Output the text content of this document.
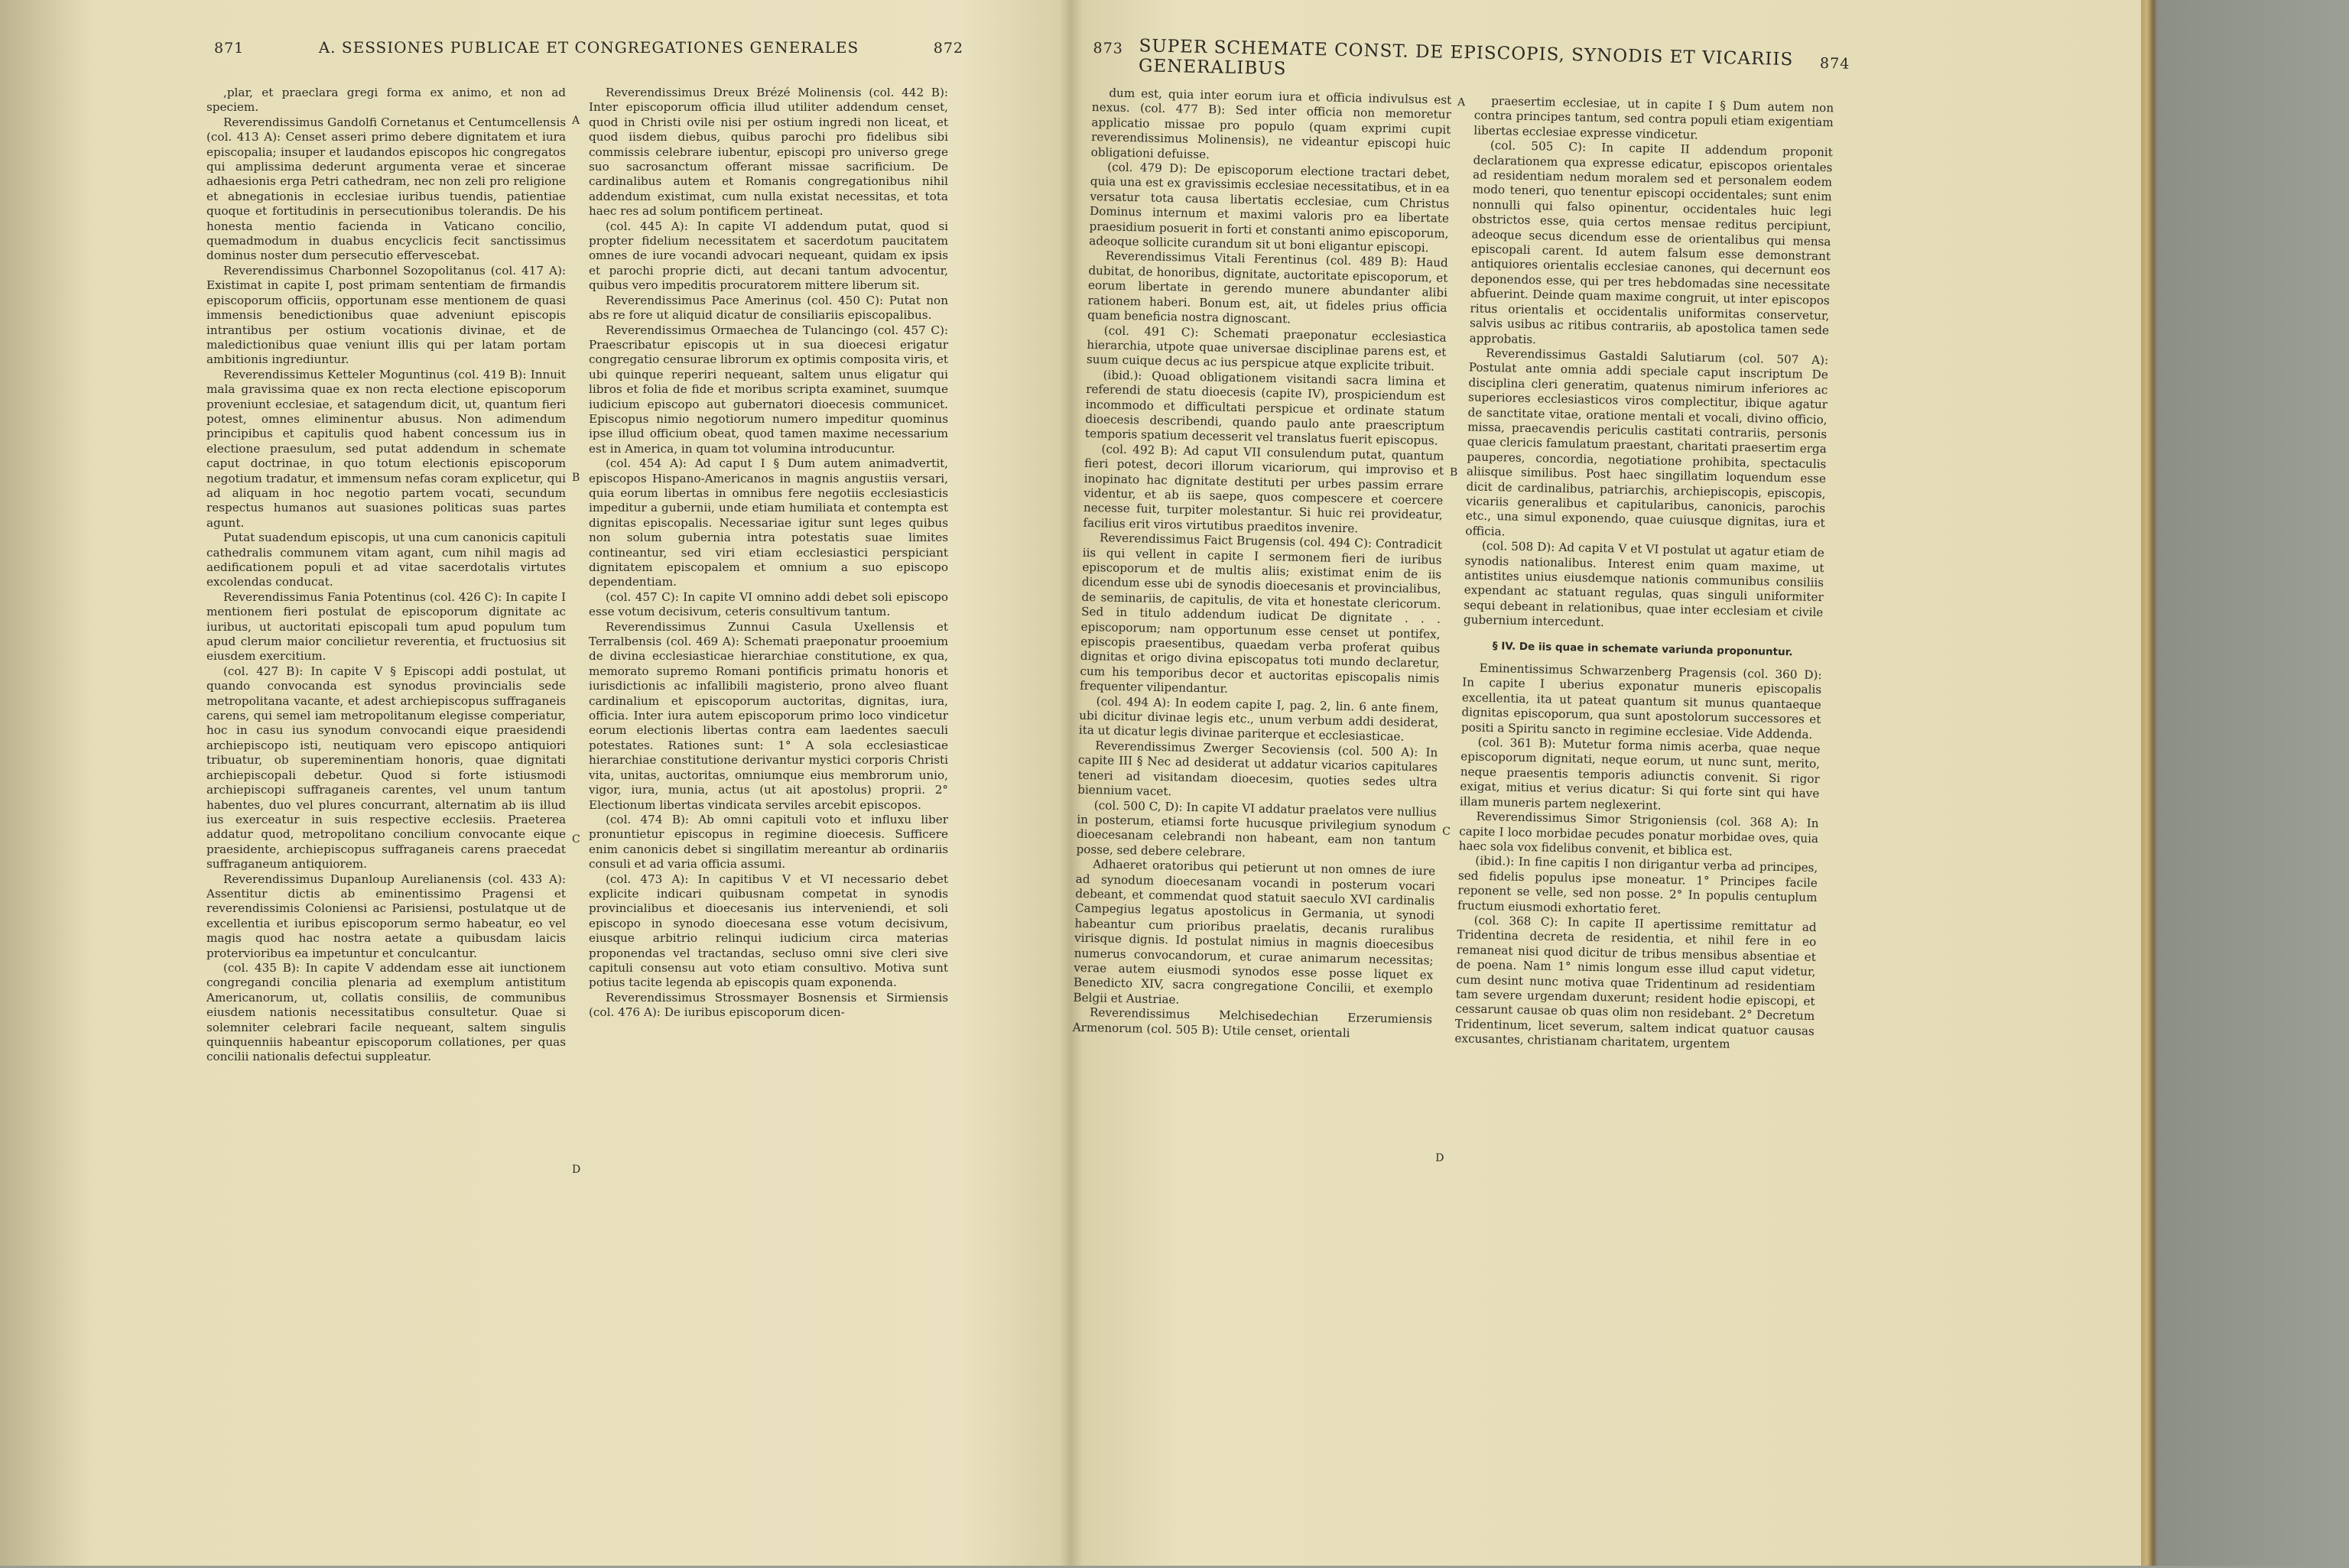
871	A. SESSIONES PUBLICAE ET CONGREGATIONES GENERALES	872

,plar, et praeclara gregi forma ex animo, et non ad speciem.

Reverendissimus Gandolfi Cornetanus et Centumcellensis (col. 413 A): Censet asseri primo debere dignitatem et iura episcopalia; insuper et laudandos episcopos hic congregatos qui amplissima dederunt argumenta verae et sincerae adhaesionis erga Petri cathedram, nec non zeli pro religione et abnegationis in ecclesiae iuribus tuendis, patientiae quoque et fortitudinis in persecutionibus tolerandis. De his honesta mentio facienda in Vaticano concilio, quemadmodum in duabus encyclicis fecit sanctissimus dominus noster dum persecutio effervescebat.

Reverendissimus Charbonnel Sozopolitanus (col. 417 A): Existimat in capite I, post primam sententiam de firmandis episcoporum officiis, opportunam esse mentionem de quasi immensis benedictionibus quae adveniunt episcopis intrantibus per ostium vocationis divinae, et de maledictionibus quae veniunt illis qui per latam portam ambitionis ingrediuntur.

Reverendissimus Ketteler Moguntinus (col. 419 B): Innuit mala gravissima quae ex non recta electione episcoporum proveniunt ecclesiae, et satagendum dicit, ut, quantum fieri potest, omnes eliminentur abusus. Non adimendum principibus et capitulis quod habent concessum ius in electione praesulum, sed putat addendum in schemate caput doctrinae, in quo totum electionis episcoporum negotium tradatur, et immensum nefas coram explicetur, qui ad aliquam in hoc negotio partem vocati, secundum respectus humanos aut suasiones politicas suas partes agunt.

Putat suadendum episcopis, ut una cum canonicis capituli cathedralis communem vitam agant, cum nihil magis ad aedificationem populi et ad vitae sacerdotalis virtutes excolendas conducat.

Reverendissimus Fania Potentinus (col. 426 C): In capite I mentionem fieri postulat de episcoporum dignitate ac iuribus, ut auctoritati episcopali tum apud populum tum apud clerum maior concilietur reverentia, et fructuosius sit eiusdem exercitium.

(col. 427 B): In capite V § Episcopi addi postulat, ut quando convocanda est synodus provincialis sede metropolitana vacante, et adest archiepiscopus suffraganeis carens, qui semel iam metropolitanum elegisse comperiatur, hoc in casu ius synodum convocandi eique praesidendi archiepiscopo isti, neutiquam vero episcopo antiquiori tribuatur, ob supereminentiam honoris, quae dignitati archiepiscopali debetur. Quod si forte istiusmodi archiepiscopi suffraganeis carentes, vel unum tantum habentes, duo vel plures concurrant, alternatim ab iis illud ius exerceatur in suis respective ecclesiis. Praeterea addatur quod, metropolitano concilium convocante eique praesidente, archiepiscopus suffraganeis carens praecedat suffraganeum antiquiorem.

Reverendissimus Dupanloup Aurelianensis (col. 433 A): Assentitur dictis ab eminentissimo Pragensi et reverendissimis Coloniensi ac Parisiensi, postulatque ut de excellentia et iuribus episcoporum sermo habeatur, eo vel magis quod hac nostra aetate a quibusdam laicis protervioribus ea impetuntur et conculcantur.

(col. 435 B): In capite V addendam esse ait iunctionem congregandi concilia plenaria ad exemplum antistitum Americanorum, ut, collatis consiliis, de communibus eiusdem nationis necessitatibus consultetur. Quae si solemniter celebrari facile nequeant, saltem singulis quinquenniis habeantur episcoporum collationes, per quas concilii nationalis defectui suppleatur.

A
B
C
D

Reverendissimus Dreux Brézé Molinensis (col. 442 B): Inter episcoporum officia illud utiliter addendum censet, quod in Christi ovile nisi per ostium ingredi non liceat, et quod iisdem diebus, quibus parochi pro fidelibus sibi commissis celebrare iubentur, episcopi pro universo grege suo sacrosanctum offerant missae sacrificium. De cardinalibus autem et Romanis congregationibus nihil addendum existimat, cum nulla existat necessitas, et tota haec res ad solum pontificem pertineat.

(col. 445 A): In capite VI addendum putat, quod si propter fidelium necessitatem et sacerdotum paucitatem omnes de iure vocandi advocari nequeant, quidam ex ipsis et parochi proprie dicti, aut decani tantum advocentur, quibus vero impeditis procuratorem mittere liberum sit.

Reverendissimus Pace Amerinus (col. 450 C): Putat non abs re fore ut aliquid dicatur de consiliariis episcopalibus.

Reverendissimus Ormaechea de Tulancingo (col. 457 C): Praescribatur episcopis ut in sua dioecesi erigatur congregatio censurae librorum ex optimis composita viris, et ubi quinque reperiri nequeant, saltem unus eligatur qui libros et folia de fide et moribus scripta examinet, suumque iudicium episcopo aut gubernatori dioecesis communicet. Episcopus nimio negotiorum numero impeditur quominus ipse illud officium obeat, quod tamen maxime necessarium est in America, in quam tot volumina introducuntur.

(col. 454 A): Ad caput I § Dum autem animadvertit, episcopos Hispano-Americanos in magnis angustiis versari, quia eorum libertas in omnibus fere negotiis ecclesiasticis impeditur a gubernii, unde etiam humiliata et contempta est dignitas episcopalis. Necessariae igitur sunt leges quibus non solum gubernia intra potestatis suae limites contineantur, sed viri etiam ecclesiastici perspiciant dignitatem episcopalem et omnium a suo episcopo dependentiam.

(col. 457 C): In capite VI omnino addi debet soli episcopo esse votum decisivum, ceteris consultivum tantum.

Reverendissimus Zunnui Casula Uxellensis et Terralbensis (col. 469 A): Schemati praeponatur prooemium de divina ecclesiasticae hierarchiae constitutione, ex qua, memorato supremo Romani pontificis primatu honoris et iurisdictionis ac infallibili magisterio, prono alveo fluant cardinalium et episcoporum auctoritas, dignitas, iura, officia. Inter iura autem episcoporum primo loco vindicetur eorum electionis libertas contra eam laedentes saeculi potestates. Rationes sunt: 1° A sola ecclesiasticae hierarchiae constitutione derivantur mystici corporis Christi vita, unitas, auctoritas, omniumque eius membrorum unio, vigor, iura, munia, actus (ut ait apostolus) proprii. 2° Electionum libertas vindicata serviles arcebit episcopos.

(col. 474 B): Ab omni capituli voto et influxu liber pronuntietur episcopus in regimine dioecesis. Sufficere enim canonicis debet si singillatim mereantur ab ordinariis consuli et ad varia officia assumi.

(col. 473 A): In capitibus V et VI necessario debet explicite indicari quibusnam competat in synodis provincialibus et dioecesanis ius interveniendi, et soli episcopo in synodo dioecesana esse votum decisivum, eiusque arbitrio relinqui iudicium circa materias proponendas vel tractandas, secluso omni sive cleri sive capituli consensu aut voto etiam consultivo. Motiva sunt potius tacite legenda ab episcopis quam exponenda.

Reverendissimus Strossmayer Bosnensis et Sirmiensis (col. 476 A): De iuribus episcoporum dicen-

873 SUPER SCHEMATE CONST. DE EPISCOPIS, SYNODIS ET VICARIIS GENERALIBUS	874

dum est, quia inter eorum iura et officia indivulsus est nexus. (col. 477 B): Sed inter officia non memoretur applicatio missae pro populo (quam exprimi cupit reverendissimus Molinensis), ne videantur episcopi huic obligationi defuisse.

(col. 479 D): De episcoporum electione tractari debet, quia una est ex gravissimis ecclesiae necessitatibus, et in ea versatur tota causa libertatis ecclesiae, cum Christus Dominus internum et maximi valoris pro ea libertate praesidium posuerit in forti et constanti animo episcoporum, adeoque sollicite curandum sit ut boni eligantur episcopi.

Reverendissimus Vitali Ferentinus (col. 489 B): Haud dubitat, de honoribus, dignitate, auctoritate episcoporum, et eorum libertate in gerendo munere abundanter alibi rationem haberi. Bonum est, ait, ut fideles prius officia quam beneficia nostra dignoscant.

(col. 491 C): Schemati praeponatur ecclesiastica hierarchia, utpote quae universae disciplinae parens est, et suum cuique decus ac ius perspicue atque explicite tribuit.

(ibid.): Quoad obligationem visitandi sacra limina et referendi de statu dioecesis (capite IV), prospiciendum est incommodo et difficultati perspicue et ordinate statum dioecesis describendi, quando paulo ante praescriptum temporis spatium decesserit vel translatus fuerit episcopus.

(col. 492 B): Ad caput VII consulendum putat, quantum fieri potest, decori illorum vicariorum, qui improviso et inopinato hac dignitate destituti per urbes passim errare videntur, et ab iis saepe, quos compescere et coercere necesse fuit, turpiter molestantur. Si huic rei provideatur, facilius erit viros virtutibus praeditos invenire.

Reverendissimus Faict Brugensis (col. 494 C): Contradicit iis qui vellent in capite I sermonem fieri de iuribus episcoporum et de multis aliis; existimat enim de iis dicendum esse ubi de synodis dioecesanis et provincialibus, de seminariis, de capitulis, de vita et honestate clericorum. Sed in titulo addendum iudicat De dignitate . . . episcoporum; nam opportunum esse censet ut pontifex, episcopis praesentibus, quaedam verba proferat quibus dignitas et origo divina episcopatus toti mundo declaretur, cum his temporibus decor et auctoritas episcopalis nimis frequenter vilipendantur.

(col. 494 A): In eodem capite I, pag. 2, lin. 6 ante finem, ubi dicitur divinae legis etc., unum verbum addi desiderat, ita ut dicatur legis divinae pariterque et ecclesiasticae.

Reverendissimus Zwerger Secoviensis (col. 500 A): In capite III § Nec ad desiderat ut addatur vicarios capitulares teneri ad visitandam dioecesim, quoties sedes ultra biennium vacet.

(col. 500 C, D): In capite VI addatur praelatos vere nullius in posterum, etiamsi forte hucusque privilegium synodum dioecesanam celebrandi non habeant, eam non tantum posse, sed debere celebrare.

Adhaeret oratoribus qui petierunt ut non omnes de iure ad synodum dioecesanam vocandi in posterum vocari debeant, et commendat quod statuit saeculo XVI cardinalis Campegius legatus apostolicus in Germania, ut synodi habeantur cum prioribus praelatis, decanis ruralibus virisque dignis. Id postulat nimius in magnis dioecesibus numerus convocandorum, et curae animarum necessitas; verae autem eiusmodi synodos esse posse liquet ex Benedicto XIV, sacra congregatione Concilii, et exemplo Belgii et Austriae.

Reverendissimus Melchisedechian Erzerumiensis Armenorum (col. 505 B): Utile censet, orientali

A
B
C
D

praesertim ecclesiae, ut in capite I § Dum autem non contra principes tantum, sed contra populi etiam exigentiam libertas ecclesiae expresse vindicetur.

(col. 505 C): In capite II addendum proponit declarationem qua expresse edicatur, episcopos orientales ad residentiam nedum moralem sed et personalem eodem modo teneri, quo tenentur episcopi occidentales; sunt enim nonnulli qui falso opinentur, occidentales huic legi obstrictos esse, quia certos mensae reditus percipiunt, adeoque secus dicendum esse de orientalibus qui mensa episcopali carent. Id autem falsum esse demonstrant antiquiores orientalis ecclesiae canones, qui decernunt eos deponendos esse, qui per tres hebdomadas sine necessitate abfuerint. Deinde quam maxime congruit, ut inter episcopos ritus orientalis et occidentalis uniformitas conservetur, salvis usibus ac ritibus contrariis, ab apostolica tamen sede approbatis.

Reverendissimus Gastaldi Salutiarum (col. 507 A): Postulat ante omnia addi speciale caput inscriptum De disciplina cleri generatim, quatenus nimirum inferiores ac superiores ecclesiasticos viros complectitur, ibique agatur de sanctitate vitae, oratione mentali et vocali, divino officio, missa, praecavendis periculis castitati contrariis, personis quae clericis famulatum praestant, charitati praesertim erga pauperes, concordia, negotiatione prohibita, spectaculis aliisque similibus. Post haec singillatim loquendum esse dicit de cardinalibus, patriarchis, archiepiscopis, episcopis, vicariis generalibus et capitularibus, canonicis, parochis etc., una simul exponendo, quae cuiusque dignitas, iura et officia.

(col. 508 D): Ad capita V et VI postulat ut agatur etiam de synodis nationalibus. Interest enim quam maxime, ut antistites unius eiusdemque nationis communibus consiliis expendant ac statuant regulas, quas singuli uniformiter sequi debeant in relationibus, quae inter ecclesiam et civile gubernium intercedunt.

§ IV. De iis quae in schemate variunda proponuntur.

Eminentissimus Schwarzenberg Pragensis (col. 360 D): In capite I uberius exponatur muneris episcopalis excellentia, ita ut pateat quantum sit munus quantaeque dignitas episcoporum, qua sunt apostolorum successores et positi a Spiritu sancto in regimine ecclesiae. Vide Addenda.

(col. 361 B): Mutetur forma nimis acerba, quae neque episcoporum dignitati, neque eorum, ut nunc sunt, merito, neque praesentis temporis adiunctis convenit. Si rigor exigat, mitius et verius dicatur: Si qui forte sint qui have illam muneris partem neglexerint.

Reverendissimus Simor Strigoniensis (col. 368 A): In capite I loco morbidae pecudes ponatur morbidae oves, quia haec sola vox fidelibus convenit, et biblica est.

(ibid.): In fine capitis I non dirigantur verba ad principes, sed fidelis populus ipse moneatur. 1° Principes facile reponent se velle, sed non posse. 2° In populis centuplum fructum eiusmodi exhortatio feret.

(col. 368 C): In capite II apertissime remittatur ad Tridentina decreta de residentia, et nihil fere in eo remaneat nisi quod dicitur de tribus mensibus absentiae et de poena. Nam 1° nimis longum esse illud caput videtur, cum desint nunc motiva quae Tridentinum ad residentiam tam severe urgendam duxerunt; resident hodie episcopi, et cessarunt causae ob quas olim non residebant. 2° Decretum Tridentinum, licet severum, saltem indicat quatuor causas excusantes, christianam charitatem, urgentem
